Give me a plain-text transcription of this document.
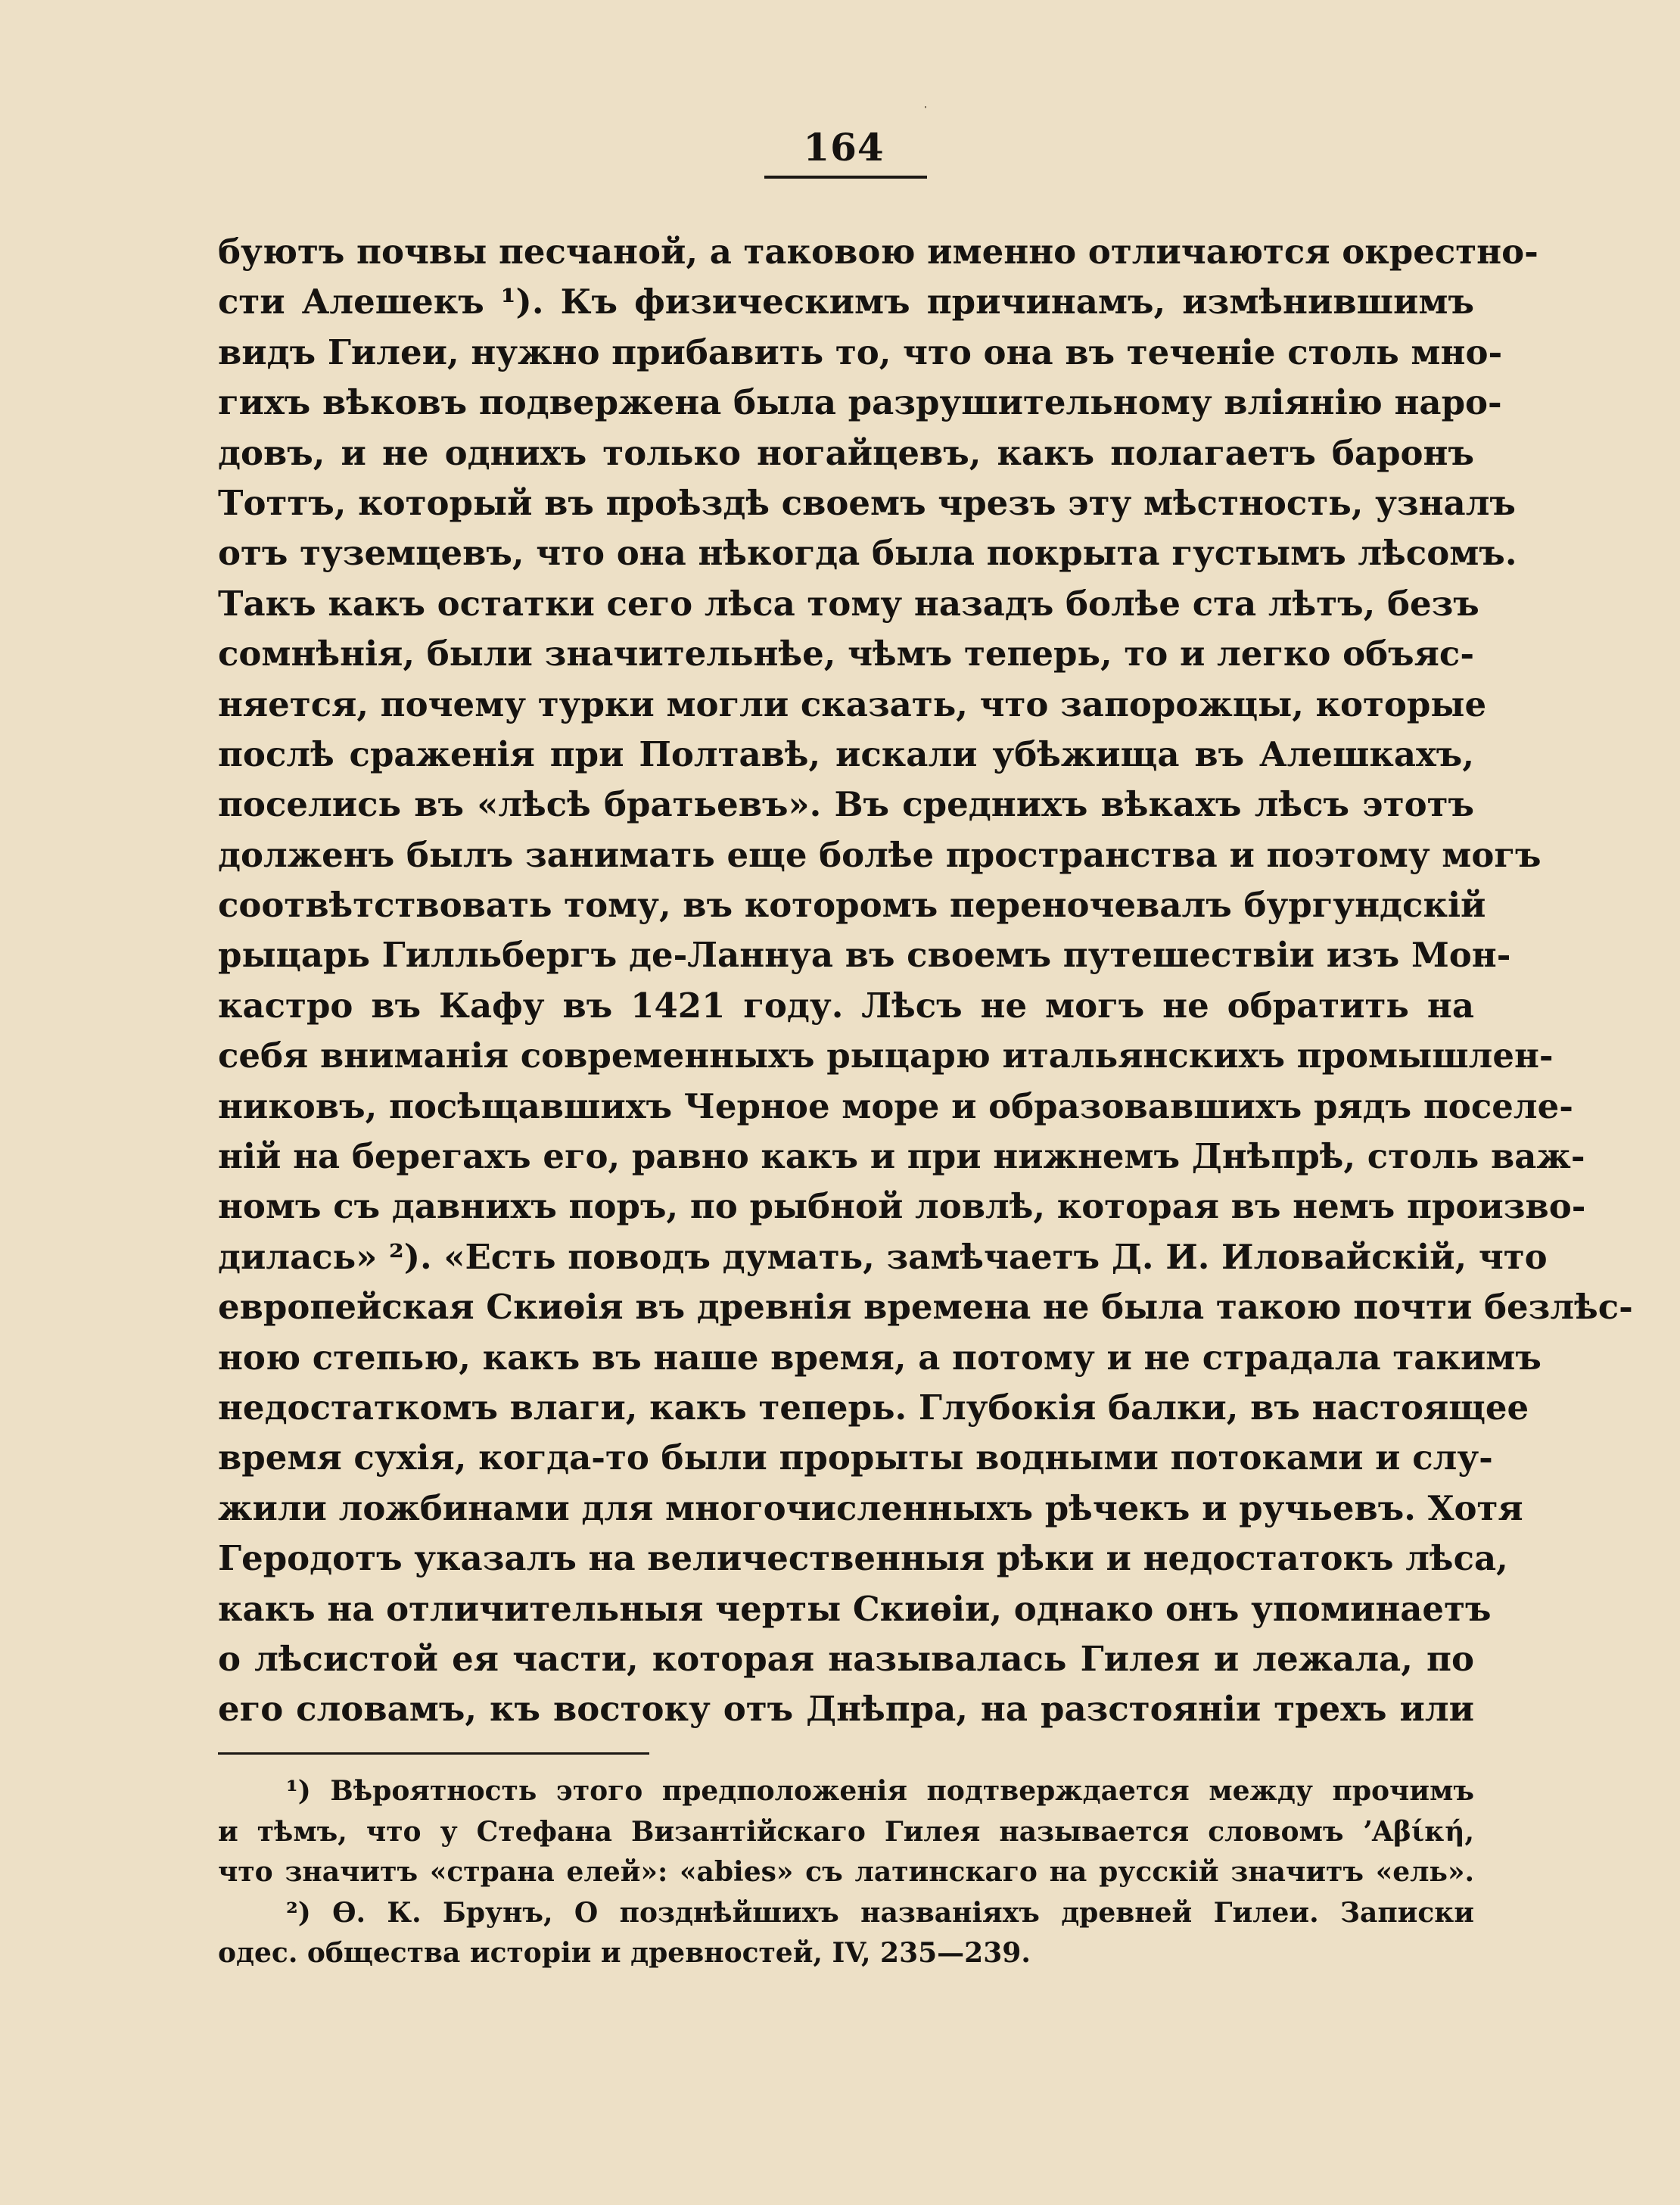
164
буютъ почвы песчаной, а таковою именно отличаются окрестно-
сти Алешекъ ¹). Къ физическимъ причинамъ, измѣнившимъ
видъ Гилеи, нужно прибавить то, что она въ теченіе столь мно-
гихъ вѣковъ подвержена была разрушительному вліянію наро-
довъ, и не однихъ только ногайцевъ, какъ полагаетъ баронъ
Тоттъ, который въ проѣздѣ своемъ чрезъ эту мѣстность, узналъ
отъ туземцевъ, что она нѣкогда была покрыта густымъ лѣсомъ.
Такъ какъ остатки сего лѣса тому назадъ болѣе ста лѣтъ, безъ
сомнѣнія, были значительнѣе, чѣмъ теперь, то и легко объяс-
няется, почему турки могли сказать, что запорожцы, которые
послѣ сраженія при Полтавѣ, искали убѣжища въ Алешкахъ,
поселись въ «лѣсѣ братьевъ». Въ среднихъ вѣкахъ лѣсъ этотъ
долженъ былъ занимать еще болѣе пространства и поэтому могъ
соотвѣтствовать тому, въ которомъ переночевалъ бургундскій
рыцарь Гилльбергъ де-Ланнуа въ своемъ путешествіи изъ Мон-
кастро въ Кафу въ 1421 году. Лѣсъ не могъ не обратить на
себя вниманія современныхъ рыцарю итальянскихъ промышлен-
никовъ, посѣщавшихъ Черное море и образовавшихъ рядъ поселе-
ній на берегахъ его, равно какъ и при нижнемъ Днѣпрѣ, столь важ-
номъ съ давнихъ поръ, по рыбной ловлѣ, которая въ немъ произво-
дилась» ²). «Есть поводъ думать, замѣчаетъ Д. И. Иловайскій, что
европейская Скиѳія въ древнія времена не была такою почти безлѣс-
ною степью, какъ въ наше время, а потому и не страдала такимъ
недостаткомъ влаги, какъ теперь. Глубокія балки, въ настоящее
время сухія, когда-то были прорыты водными потоками и слу-
жили ложбинами для многочисленныхъ рѣчекъ и ручьевъ. Хотя
Геродотъ указалъ на величественныя рѣки и недостатокъ лѣса,
какъ на отличительныя черты Скиѳіи, однако онъ упоминаетъ
о лѣсистой ея части, которая называлась Гилея и лежала, по
его словамъ, къ востоку отъ Днѣпра, на разстояніи трехъ или
¹) Вѣроятность этого предположенія подтверждается между прочимъ
и тѣмъ, что у Стефана Византійскаго Гилея называется словомъ ʼΑβίκή,
что значитъ «страна елей»: «abies» съ латинскаго на русскій значитъ «ель».
²) Ѳ. К. Брунъ, О позднѣйшихъ названіяхъ древней Гилеи. Записки
одес. общества исторіи и древностей, IV, 235—239.
